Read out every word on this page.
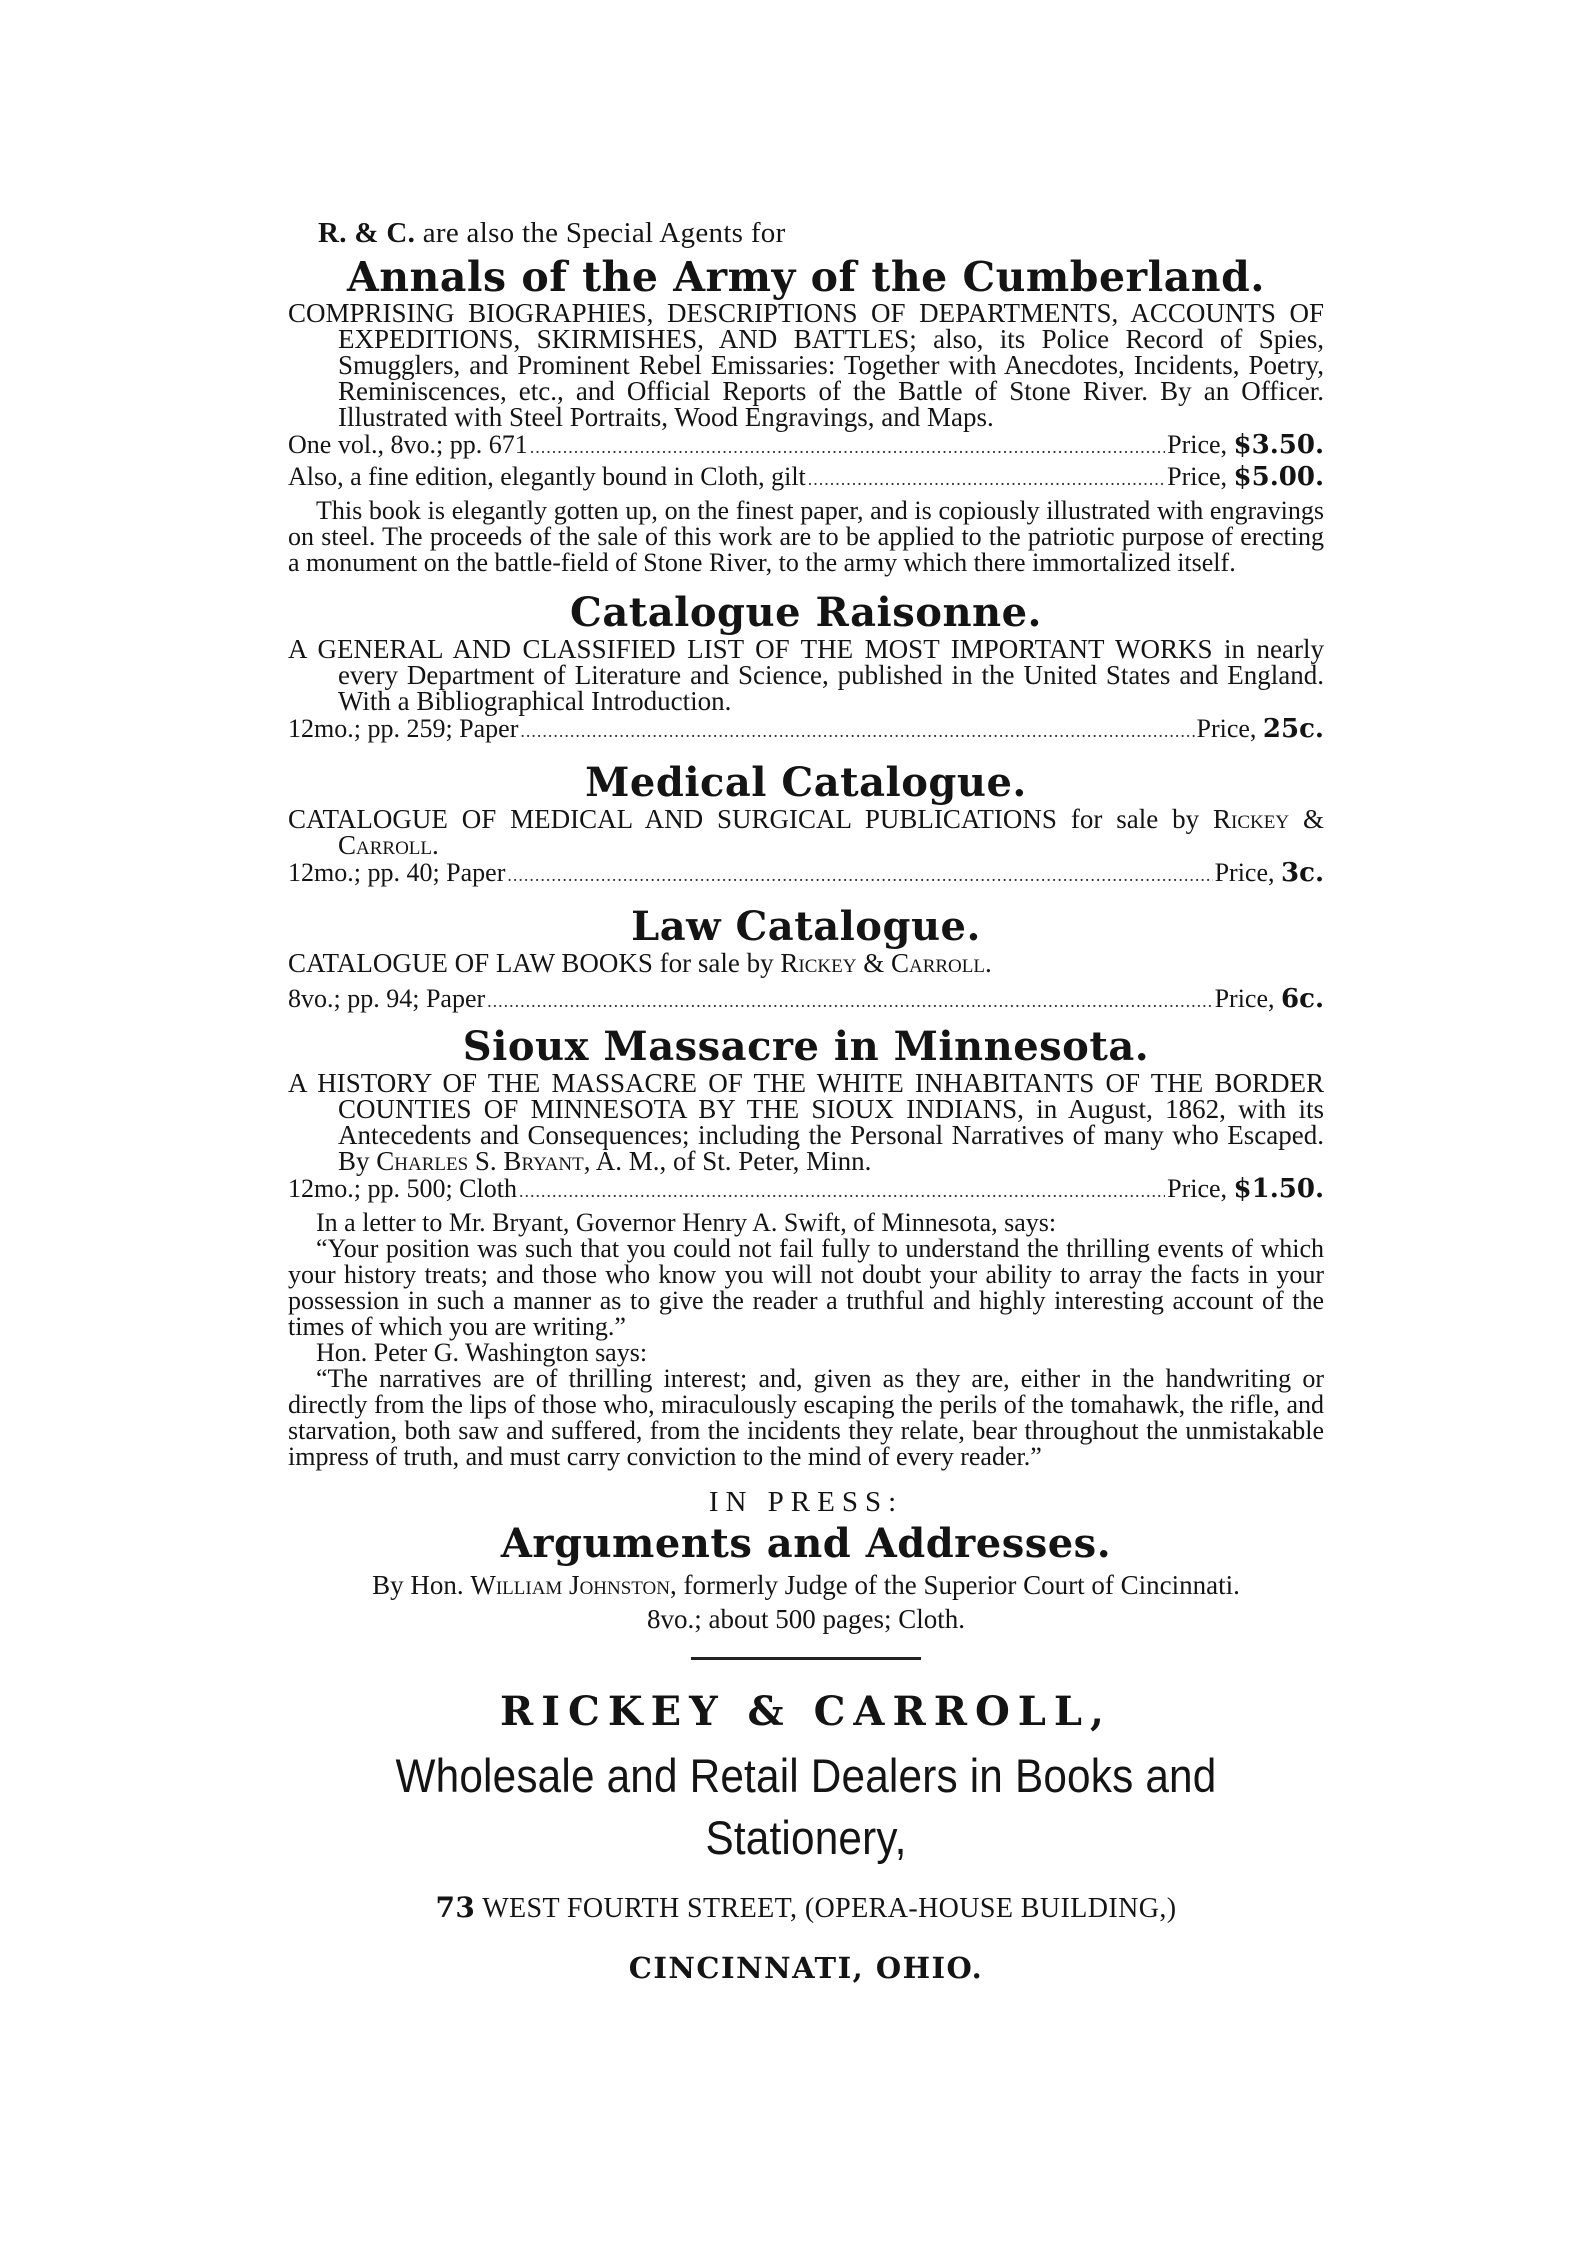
R. & C. are also the Special Agents for

Annals of the Army of the Cumberland.

COMPRISING BIOGRAPHIES, DESCRIPTIONS OF DEPARTMENTS, ACCOUNTS OF EXPEDITIONS, SKIRMISHES, AND BATTLES; also, its Police Record of Spies, Smugglers, and Prominent Rebel Emissaries: Together with Anecdotes, Incidents, Poetry, Reminiscences, etc., and Official Reports of the Battle of Stone River. By an Officer. Illustrated with Steel Portraits, Wood Engravings, and Maps.

One vol., 8vo.; pp. 671 .....	Price, $3.50.
Also, a fine edition, elegantly bound in Cloth, gilt .....	Price, $5.00.

This book is elegantly gotten up, on the finest paper, and is copiously illustrated with engravings on steel. The proceeds of the sale of this work are to be applied to the patriotic purpose of erecting a monument on the battle-field of Stone River, to the army which there immortalized itself.

Catalogue Raisonne.

A GENERAL AND CLASSIFIED LIST OF THE MOST IMPORTANT WORKS in nearly every Department of Literature and Science, published in the United States and England. With a Bibliographical Introduction.

12mo.; pp. 259; Paper .....	Price, 25c.
Medical Catalogue.

CATALOGUE OF MEDICAL AND SURGICAL PUBLICATIONS for sale by Rickey & Carroll.

12mo.; pp. 40; Paper .....	Price, 3c.
Law Catalogue.

CATALOGUE OF LAW BOOKS for sale by Rickey & Carroll.

8vo.; pp. 94; Paper .....	Price, 6c.
Sioux Massacre in Minnesota.

A HISTORY OF THE MASSACRE OF THE WHITE INHABITANTS OF THE BORDER COUNTIES OF MINNESOTA BY THE SIOUX INDIANS, in August, 1862, with its Antecedents and Consequences; including the Personal Narratives of many who Escaped. By Charles S. Bryant, A. M., of St. Peter, Minn.

12mo.; pp. 500; Cloth .....	Price, $1.50.

In a letter to Mr. Bryant, Governor Henry A. Swift, of Minnesota, says:

“Your position was such that you could not fail fully to understand the thrilling events of which your history treats; and those who know you will not doubt your ability to array the facts in your possession in such a manner as to give the reader a truthful and highly interesting account of the times of which you are writing.”

Hon. Peter G. Washington says:

“The narratives are of thrilling interest; and, given as they are, either in the handwriting or directly from the lips of those who, miraculously escaping the perils of the tomahawk, the rifle, and starvation, both saw and suffered, from the incidents they relate, bear throughout the unmistakable impress of truth, and must carry conviction to the mind of every reader.”

IN PRESS:

Arguments and Addresses.

By Hon. William Johnston, formerly Judge of the Superior Court of Cincinnati.

8vo.; about 500 pages; Cloth.

RICKEY & CARROLL,

Wholesale and Retail Dealers in Books and Stationery,

73 WEST FOURTH STREET, (OPERA-HOUSE BUILDING,)

CINCINNATI, OHIO.
